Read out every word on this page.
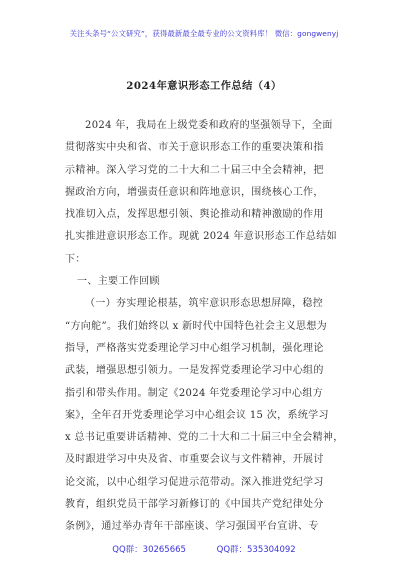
关注头条号“公文研究”，获得最新最全最专业的公文资料库！ 微信：gongwenyj
2024年意识形态工作总结（4）
2024 年，我局在上级党委和政府的坚强领导下，全面
贯彻落实中央和省、市关于意识形态工作的重要决策和指
示精神。深入学习党的二十大和二十届三中全会精神，把
握政治方向，增强责任意识和阵地意识，围绕核心工作，
找准切入点，发挥思想引领、舆论推动和精神激励的作用
扎实推进意识形态工作。现就 2024 年意识形态工作总结如
下：
一、主要工作回顾
（一）夯实理论根基，筑牢意识形态思想屏障，稳控
“方向舵”。我们始终以 x 新时代中国特色社会主义思想为
指导，严格落实党委理论学习中心组学习机制，强化理论
武装，增强思想引领力。一是发挥党委理论学习中心组的
指引和带头作用。制定《2024 年党委理论学习中心组方
案》，全年召开党委理论学习中心组会议 15 次，系统学习
x 总书记重要讲话精神、党的二十大和二十届三中全会精神，
及时跟进学习中央及省、市重要会议与文件精神，开展讨
论交流，以中心组学习促进示范带动。深入推进党纪学习
教育，组织党员干部学习新修订的《中国共产党纪律处分
条例》，通过举办青年干部座谈、学习强国平台宣讲、专
QQ群：30265665	QQ群：535304092
